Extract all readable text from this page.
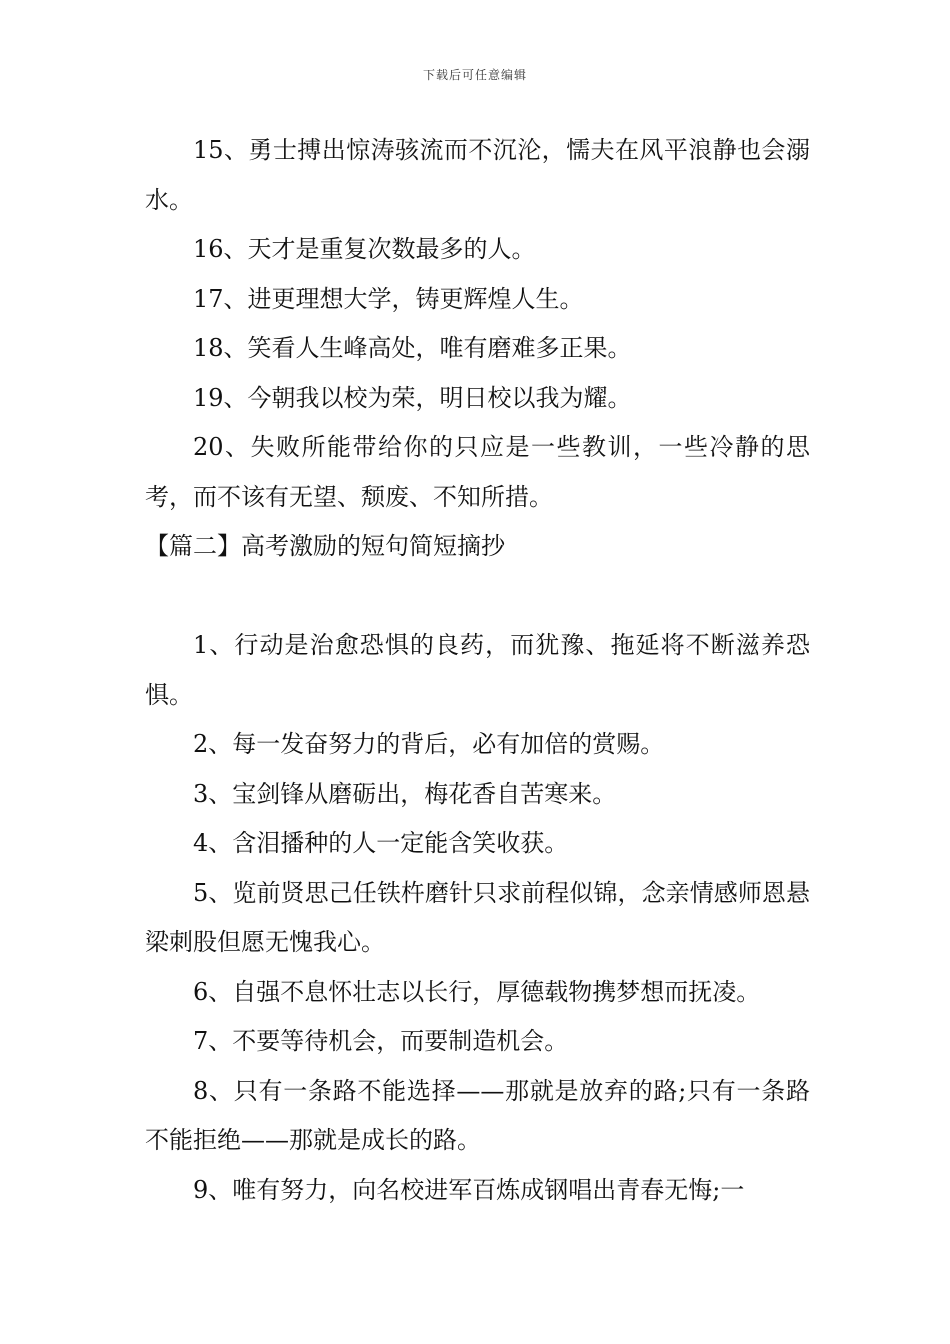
下载后可任意编辑

15、勇士搏出惊涛骇流而不沉沦，懦夫在风平浪静也会溺水。

16、天才是重复次数最多的人。

17、进更理想大学，铸更辉煌人生。

18、笑看人生峰高处，唯有磨难多正果。

19、今朝我以校为荣，明日校以我为耀。

20、失败所能带给你的只应是一些教训，一些冷静的思考，而不该有无望、颓废、不知所措。

【篇二】高考激励的短句简短摘抄

1、行动是治愈恐惧的良药，而犹豫、拖延将不断滋养恐惧。

2、每一发奋努力的背后，必有加倍的赏赐。

3、宝剑锋从磨砺出，梅花香自苦寒来。

4、含泪播种的人一定能含笑收获。

5、览前贤思己任铁杵磨针只求前程似锦，念亲情感师恩悬梁刺股但愿无愧我心。

6、自强不息怀壮志以长行，厚德载物携梦想而抚凌。

7、不要等待机会，而要制造机会。

8、只有一条路不能选择——那就是放弃的路;只有一条路不能拒绝——那就是成长的路。

9、唯有努力，向名校进军百炼成钢唱出青春无悔;一
